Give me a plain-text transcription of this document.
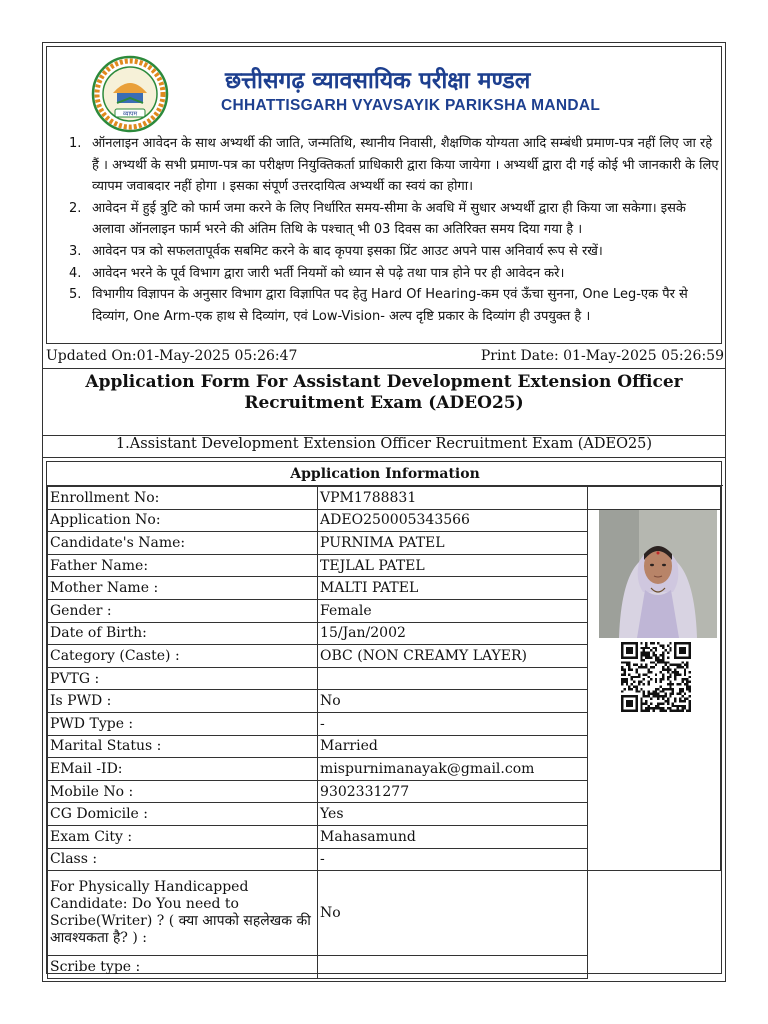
व्यापम
छत्तीसगढ़ व्यावसायिक परीक्षा मण्डल
CHHATTISGARH VYAVSAYIK PARIKSHA MANDAL
1. ऑनलाइन आवेदन के साथ अभ्यर्थी की जाति, जन्मतिथि, स्थानीय निवासी, शैक्षणिक योग्यता आदि सम्बंधी प्रमाण-पत्र नहीं लिए जा रहे हैं । अभ्यर्थी के सभी प्रमाण-पत्र का परीक्षण नियुक्तिकर्ता प्राधिकारी द्वारा किया जायेगा । अभ्यर्थी द्वारा दी गई कोई भी जानकारी के लिए व्यापम जवाबदार नहीं होगा । इसका संपूर्ण उत्तरदायित्व अभ्यर्थी का स्वयं का होगा।
2. आवेदन में हुई त्रुटि को फार्म जमा करने के लिए निर्धारित समय-सीमा के अवधि में सुधार अभ्यर्थी द्वारा ही किया जा सकेगा। इसके अलावा ऑनलाइन फार्म भरने की अंतिम तिथि के पश्चात् भी 03 दिवस का अतिरिक्त समय दिया गया है ।
3. आवेदन पत्र को सफलतापूर्वक सबमिट करने के बाद कृपया इसका प्रिंट आउट अपने पास अनिवार्य रूप से रखें।
4. आवेदन भरने के पूर्व विभाग द्वारा जारी भर्ती नियमों को ध्यान से पढ़े तथा पात्र होने पर ही आवेदन करे।
5. विभागीय विज्ञापन के अनुसार विभाग द्वारा विज्ञापित पद हेतु Hard Of Hearing-कम एवं ऊँचा सुनना, One Leg-एक पैर से दिव्यांग, One Arm-एक हाथ से दिव्यांग, एवं Low-Vision- अल्प दृष्टि प्रकार के दिव्यांग ही उपयुक्त है ।
Updated On:01-May-2025 05:26:47	Print Date: 01-May-2025 05:26:59
Application Form For Assistant Development Extension Officer Recruitment Exam (ADEO25)
1.Assistant Development Extension Officer Recruitment Exam (ADEO25)
Application Information
Enrollment No:	VPM1788831	
Application No:	ADEO250005343566	
Candidate's Name:	PURNIMA PATEL	
Father Name:	TEJLAL PATEL	
Mother Name :	MALTI PATEL	
Gender :	Female	
Date of Birth:	15/Jan/2002	
Category (Caste) :	OBC (NON CREAMY LAYER)	
PVTG :		
Is PWD :	No	
PWD Type :	-	
Marital Status :	Married	
EMail -ID:	mispurnimanayak@gmail.com	
Mobile No :	9302331277	
CG Domicile :	Yes	
Exam City :	Mahasamund	
Class :	-	
For Physically Handicapped Candidate: Do You need to Scribe(Writer) ? ( क्या आपको सहलेखक की आवश्यकता है? ) :	No	
Scribe type :		
